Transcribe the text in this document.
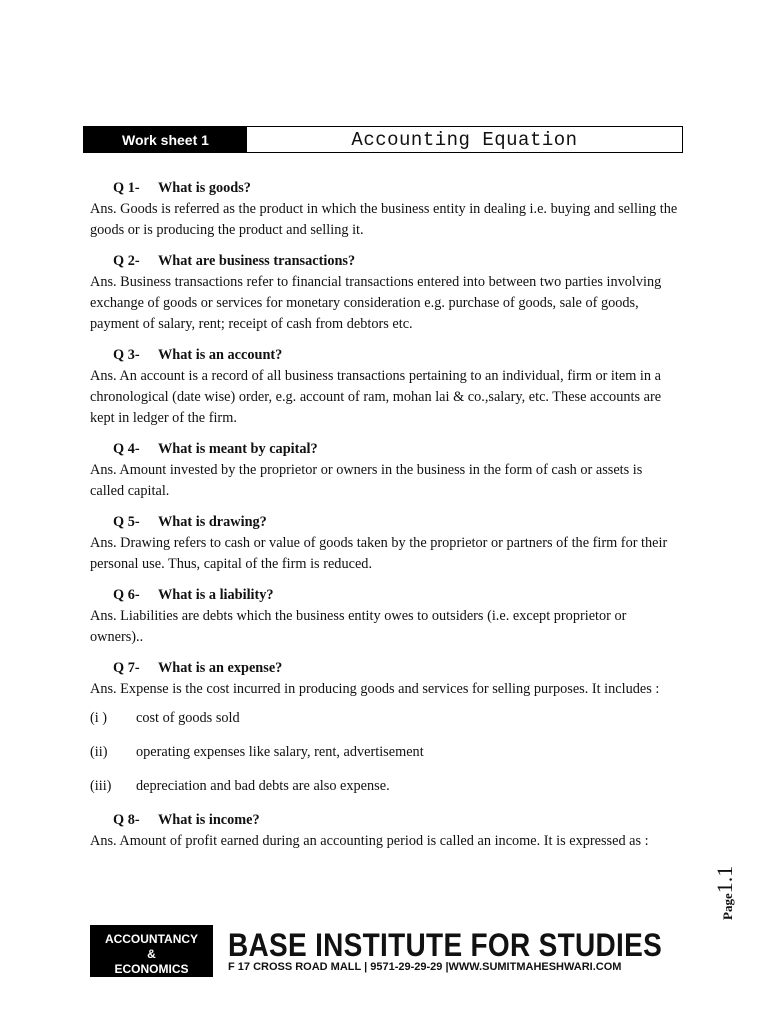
Work sheet 1	Accounting Equation
Q 1- What is goods?

Ans. Goods is referred as the product in which the business entity in dealing i.e. buying and selling the goods or is producing the product and selling it.

Q 2- What are business transactions?

Ans. Business transactions refer to financial transactions entered into between two parties involving exchange of goods or services for monetary consideration e.g. purchase of goods, sale of goods, payment of salary, rent; receipt of cash from debtors etc.

Q 3- What is an account?

Ans. An account is a record of all business transactions pertaining to an individual, firm or item in a chronological (date wise) order, e.g. account of ram, mohan lai & co.,salary, etc. These accounts are kept in ledger of the firm.

Q 4- What is meant by capital?

Ans. Amount invested by the proprietor or owners in the business in the form of cash or assets is called capital.

Q 5- What is drawing?

Ans. Drawing refers to cash or value of goods taken by the proprietor or partners of the firm for their personal use. Thus, capital of the firm is reduced.

Q 6- What is a liability?

Ans. Liabilities are debts which the business entity owes to outsiders (i.e. except proprietor or owners)..

Q 7- What is an expense?

Ans. Expense is the cost incurred in producing goods and services for selling purposes. It includes :

(i )	cost of goods sold
(ii)	operating expenses like salary, rent, advertisement
(iii)	depreciation and bad debts are also expense.
Q 8- What is income?

Ans. Amount of profit earned during an accounting period is called an income. It is expressed as :

Page1.1
ACCOUNTANCY
&
ECONOMICS
BASE INSTITUTE FOR STUDIES
F 17 CROSS ROAD MALL | 9571-29-29-29 |WWW.SUMITMAHESHWARI.COM
